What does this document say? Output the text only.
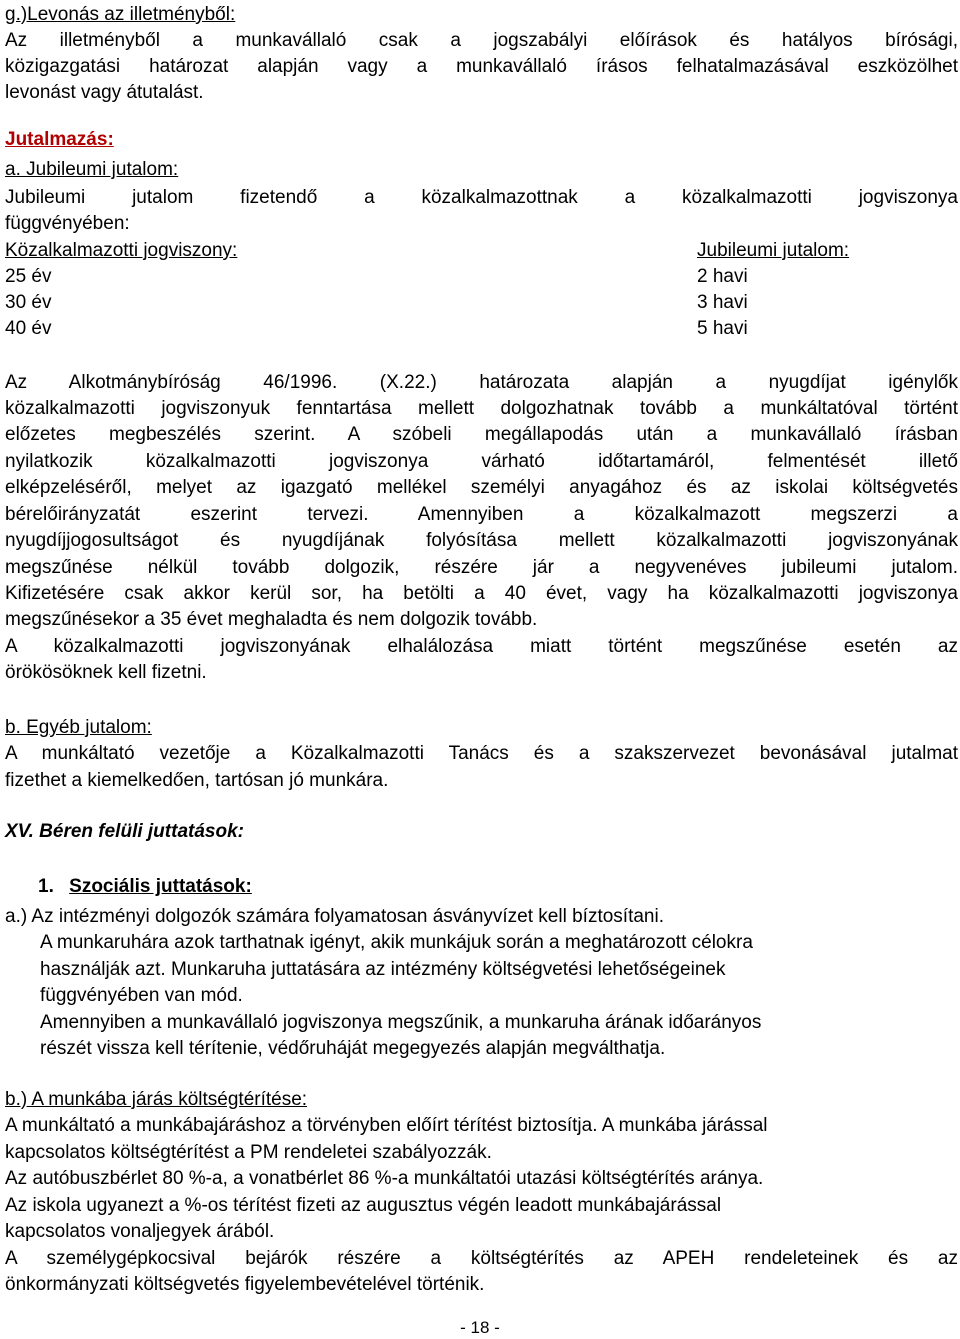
g.)Levonás az illetményből:
Az illetményből a munkavállaló csak a jogszabályi előírások és hatályos bírósági,
közigazgatási határozat alapján vagy a munkavállaló írásos felhatalmazásával eszközölhet
levonást vagy átutalást.
Jutalmazás:
a. Jubileumi jutalom:
Jubileumi jutalom fizetendő a közalkalmazottnak a közalkalmazotti jogviszonya
függvényében:
Közalkalmazotti jogviszony:	Jubileumi jutalom:
25 év	2 havi
30 év	3 havi
40 év	5 havi
Az Alkotmánybíróság 46/1996. (X.22.) határozata alapján a nyugdíjat igénylők
közalkalmazotti jogviszonyuk fenntartása mellett dolgozhatnak tovább a munkáltatóval történt
előzetes megbeszélés szerint. A szóbeli megállapodás után a munkavállaló írásban
nyilatkozik közalkalmazotti jogviszonya várható időtartamáról, felmentését illető
elképzeléséről, melyet az igazgató mellékel személyi anyagához és az iskolai költségvetés
bérelőirányzatát eszerint tervezi. Amennyiben a közalkalmazott megszerzi a
nyugdíjjogosultságot és nyugdíjának folyósítása mellett közalkalmazotti jogviszonyának
megszűnése nélkül tovább dolgozik, részére jár a negyvenéves jubileumi jutalom.
Kifizetésére csak akkor kerül sor, ha betölti a 40 évet, vagy ha közalkalmazotti jogviszonya
megszűnésekor a 35 évet meghaladta és nem dolgozik tovább.
A közalkalmazotti jogviszonyának elhalálozása miatt történt megszűnése esetén az
örökösöknek kell fizetni.
b. Egyéb jutalom:
A munkáltató vezetője a Közalkalmazotti Tanács és a szakszervezet bevonásával jutalmat
fizethet a kiemelkedően, tartósan jó munkára.
XV. Béren felüli juttatások:
1. Szociális juttatások:
a.) Az intézményi dolgozók számára folyamatosan ásványvízet kell bíztosítani.
A munkaruhára azok tarthatnak igényt, akik munkájuk során a meghatározott célokra
használják azt. Munkaruha juttatására az intézmény költségvetési lehetőségeinek
függvényében van mód.
Amennyiben a munkavállaló jogviszonya megszűnik, a munkaruha árának időarányos
részét vissza kell térítenie, védőruháját megegyezés alapján megválthatja.
b.) A munkába járás költségtérítése:
A munkáltató a munkábajáráshoz a törvényben előírt térítést biztosítja. A munkába járással
kapcsolatos költségtérítést a PM rendeletei szabályozzák.
Az autóbuszbérlet 80 %-a, a vonatbérlet 86 %-a munkáltatói utazási költségtérítés aránya.
Az iskola ugyanezt a %-os térítést fizeti az augusztus végén leadott munkábajárással
kapcsolatos vonaljegyek árából.
A személygépkocsival bejárók részére a költségtérítés az APEH rendeleteinek és az
önkormányzati költségvetés figyelembevételével történik.
- 18 -
